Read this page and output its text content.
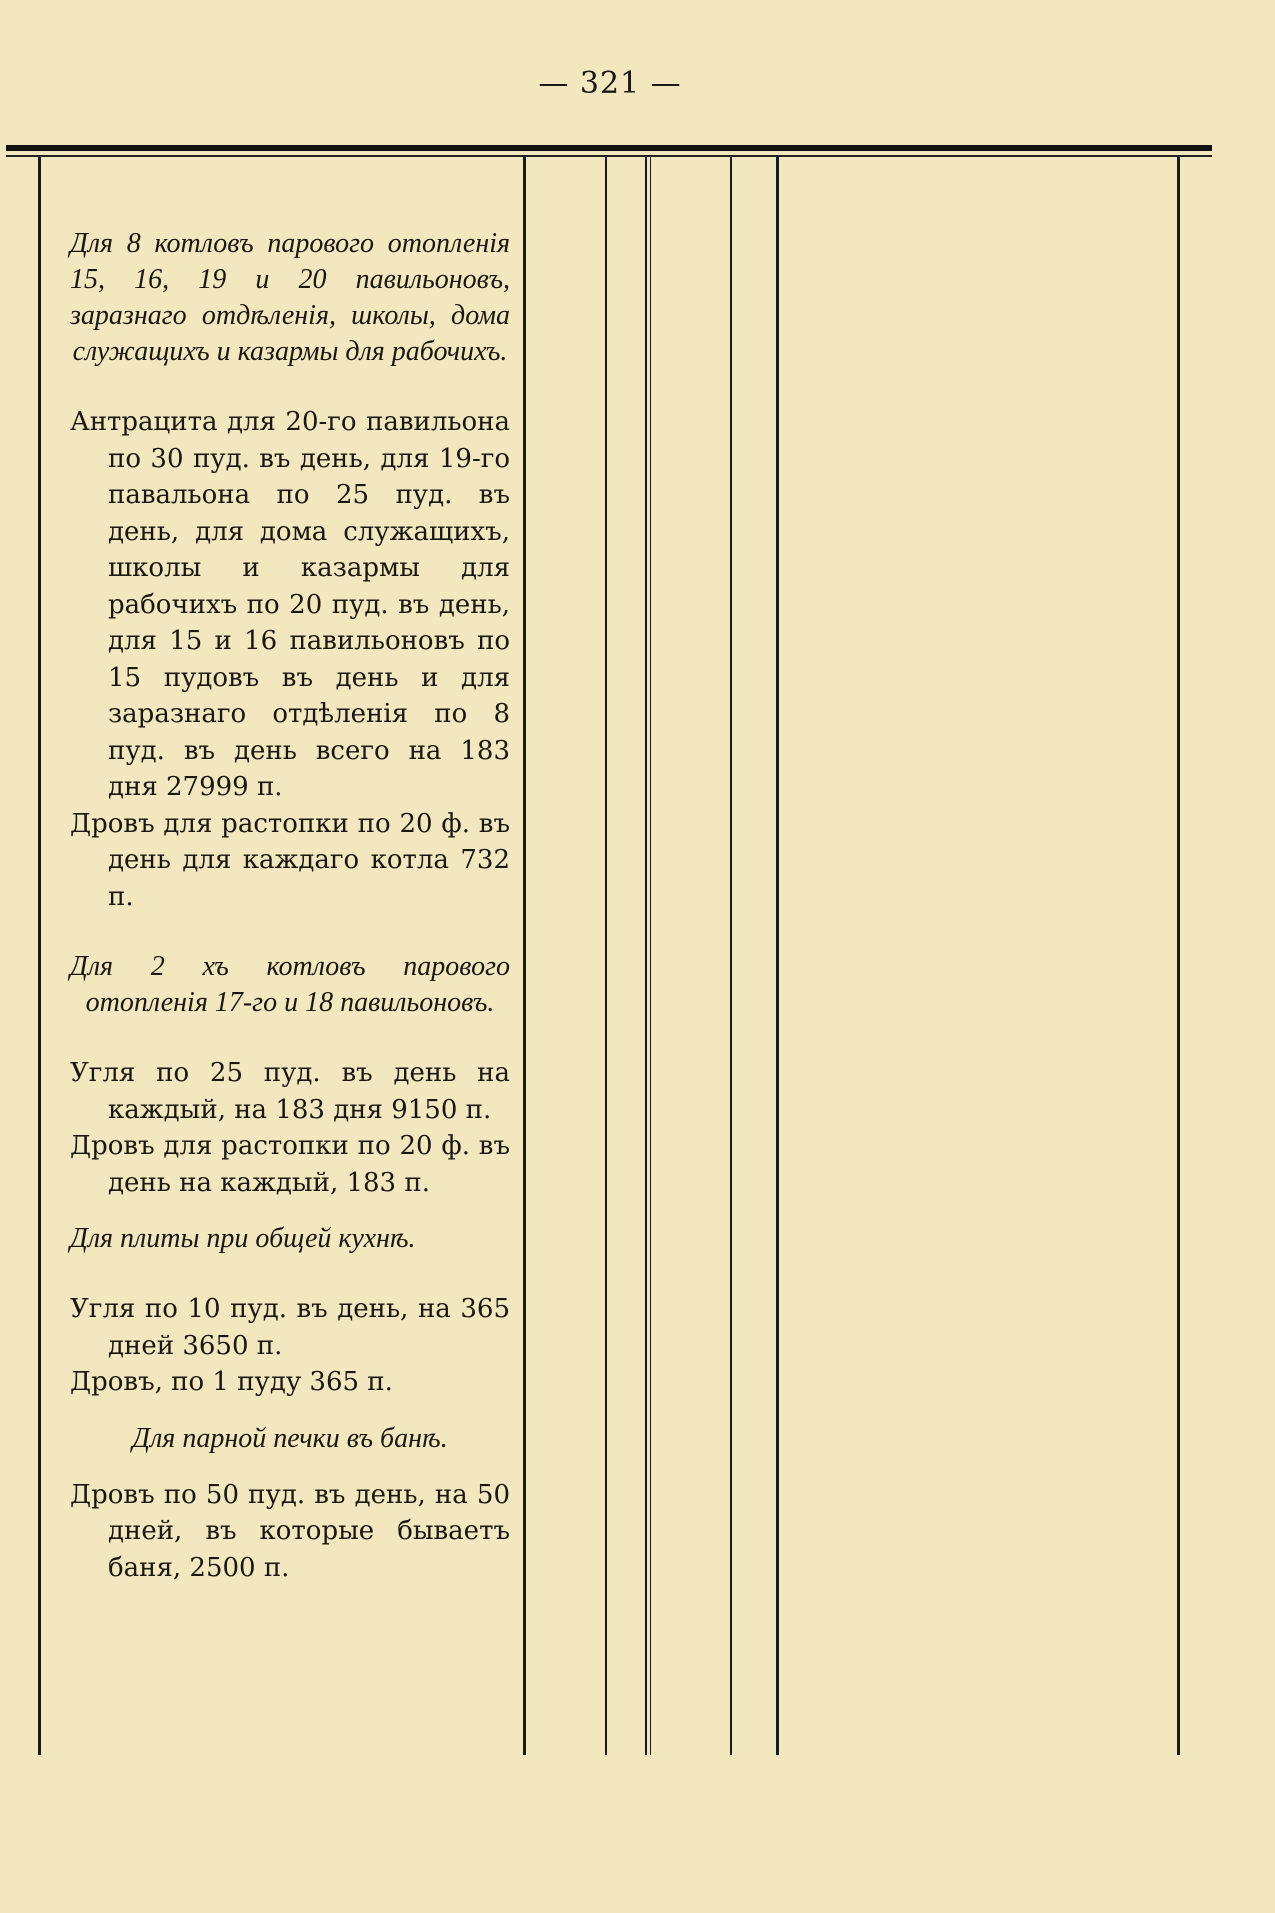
— 321 —

Для 8 котловъ парового отопленія 15, 16, 19 и 20 павильоновъ, заразнаго отдѣленія, школы, дома служащихъ и казармы для рабочихъ.

Антрацита для 20-го павильона по 30 пуд. въ день, для 19-го павальона по 25 пуд. въ день, для дома служащихъ, школы и казармы для рабочихъ по 20 пуд. въ день, для 15 и 16 павильоновъ по 15 пудовъ въ день и для заразнаго отдѣленія по 8 пуд. въ день всего на 183 дня 27999 п.

Дровъ для растопки по 20 ф. въ день для каждаго котла 732 п.

Для 2 хъ котловъ парового отопленія 17-го и 18 павильоновъ.

Угля по 25 пуд. въ день на каждый, на 183 дня 9150 п.

Дровъ для растопки по 20 ф. въ день на каждый, 183 п.

Для плиты при общей кухнѣ.

Угля по 10 пуд. въ день, на 365 дней 3650 п.

Дровъ, по 1 пуду 365 п.

Для парной печки въ банѣ.

Дровъ по 50 пуд. въ день, на 50 дней, въ которые бываетъ баня, 2500 п.
